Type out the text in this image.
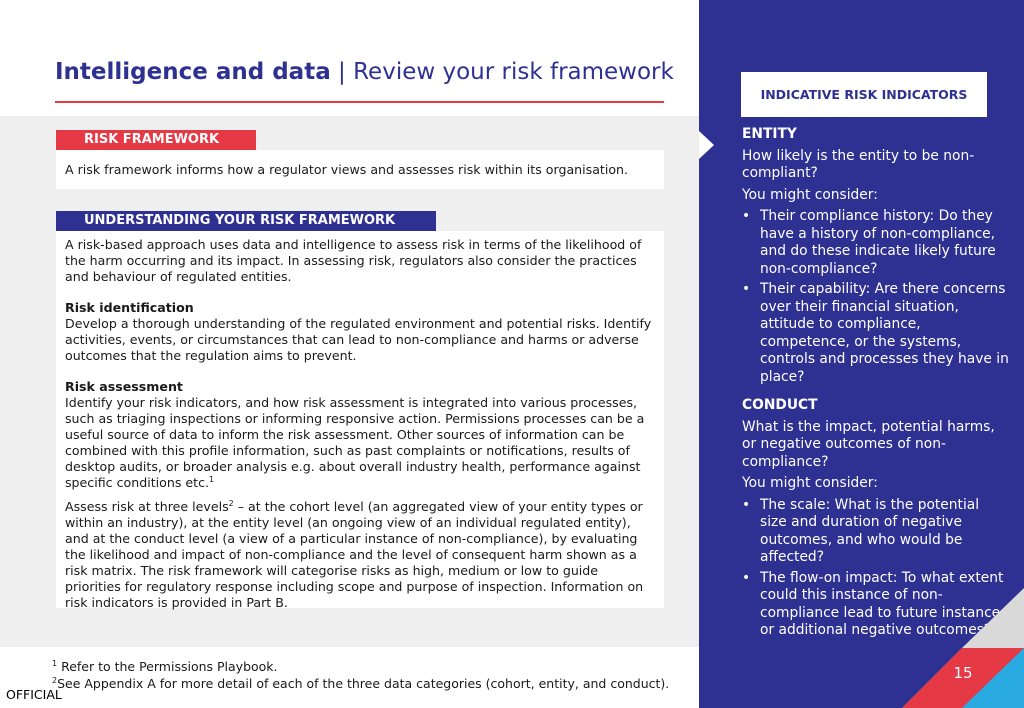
Intelligence and data | Review your risk framework
RISK FRAMEWORK
A risk framework informs how a regulator views and assesses risk within its organisation.
UNDERSTANDING YOUR RISK FRAMEWORK

A risk-based approach uses data and intelligence to assess risk in terms of the likelihood of the harm occurring and its impact. In assessing risk, regulators also consider the practices and behaviour of regulated entities.

Risk identification

Develop a thorough understanding of the regulated environment and potential risks. Identify activities, events, or circumstances that can lead to non-compliance and harms or adverse outcomes that the regulation aims to prevent.

Risk assessment

Identify your risk indicators, and how risk assessment is integrated into various processes, such as triaging inspections or informing responsive action. Permissions processes can be a useful source of data to inform the risk assessment. Other sources of information can be combined with this profile information, such as past complaints or notifications, results of desktop audits, or broader analysis e.g. about overall industry health, performance against specific conditions etc.$^1$

Assess risk at three levels$^2$ – at the cohort level (an aggregated view of your entity types or within an industry), at the entity level (an ongoing view of an individual regulated entity), and at the conduct level (a view of a particular instance of non-compliance), by evaluating the likelihood and impact of non-compliance and the level of consequent harm shown as a risk matrix. The risk framework will categorise risks as high, medium or low to guide priorities for regulatory response including scope and purpose of inspection. Information on risk indicators is provided in Part B.

INDICATIVE RISK INDICATORS

ENTITY

How likely is the entity to be non-compliant?

You might consider:

• Their compliance history: Do they have a history of non-compliance, and do these indicate likely future non-compliance?
• Their capability: Are there concerns over their financial situation, attitude to compliance, competence, or the systems, controls and processes they have in place?

CONDUCT

What is the impact, potential harms, or negative outcomes of non-compliance?

You might consider:

• The scale: What is the potential size and duration of negative outcomes, and who would be affected?
• The flow-on impact: To what extent could this instance of non-compliance lead to future instances or additional negative outcomes?
15
$^1$ Refer to the Permissions Playbook.
$^2$See Appendix A for more detail of each of the three data categories (cohort, entity, and conduct).
OFFICIAL
